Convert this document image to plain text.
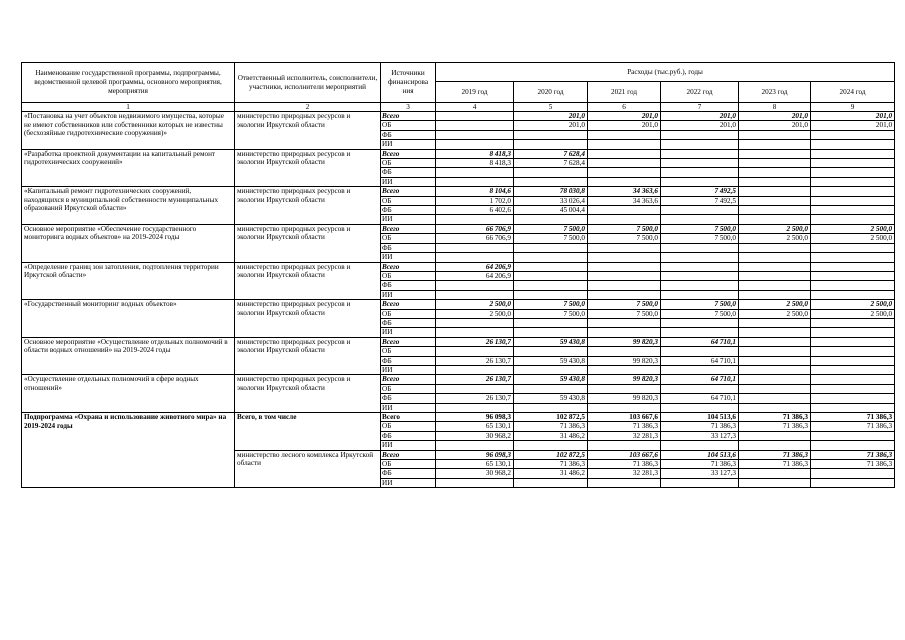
Наименование государственной программы, подпрограммы, ведомственной целевой программы, основного мероприятия, мероприятия	Ответственный исполнитель, соисполнители, участники, исполнители мероприятий	Источники финансирова ния	Расходы (тыс.руб.), годы					
			2019 год	2020 год	2021 год	2022 год	2023 год	2024 год
1	2	3	4	5	6	7	8	9
«Постановка на учет объектов недвижимого имущества, которые не имеют собственников или собственники которых не известны (бесхозяйные гидротехнические сооружения)»	министерство природных ресурсов и экологии Иркутской области	Всего		201,0	201,0	201,0	201,0	201,0
		ОБ		201,0	201,0	201,0	201,0	201,0
		ФБ						
		ИИ						
«Разработка проектной документации на капитальный ремонт гидротехнических сооружений»	министерство природных ресурсов и экологии Иркутской области	Всего	8 418,3	7 628,4				
		ОБ	8 418,3	7 628,4				
		ФБ						
		ИИ						
«Капитальный ремонт гидротехнических сооружений, находящихся в муниципальной собственности муниципальных образований Иркутской области»	министерство природных ресурсов и экологии Иркутской области	Всего	8 104,6	78 030,8	34 363,6	7 492,5		
		ОБ	1 702,0	33 026,4	34 363,6	7 492,5		
		ФБ	6 402,6	45 004,4				
		ИИ						
Основное мероприятие «Обеспечение государственного мониторинга водных объектов» на 2019-2024 годы	министерство природных ресурсов и экологии Иркутской области	Всего	66 706,9	7 500,0	7 500,0	7 500,0	2 500,0	2 500,0
		ОБ	66 706,9	7 500,0	7 500,0	7 500,0	2 500,0	2 500,0
		ФБ						
		ИИ						
«Определение границ зон затопления, подтопления территории Иркутской области»	министерство природных ресурсов и экологии Иркутской области	Всего	64 206,9					
		ОБ	64 206,9					
		ФБ						
		ИИ						
«Государственный мониторинг водных объектов»	министерство природных ресурсов и экологии Иркутской области	Всего	2 500,0	7 500,0	7 500,0	7 500,0	2 500,0	2 500,0
		ОБ	2 500,0	7 500,0	7 500,0	7 500,0	2 500,0	2 500,0
		ФБ						
		ИИ						
Основное мероприятие «Осуществление отдельных полномочий в области водных отношений» на 2019-2024 годы	министерство природных ресурсов и экологии Иркутской области	Всего	26 130,7	59 430,8	99 820,3	64 710,1		
		ОБ						
		ФБ	26 130,7	59 430,8	99 820,3	64 710,1		
		ИИ						
«Осуществление отдельных полномочий в сфере водных отношений»	министерство природных ресурсов и экологии Иркутской области	Всего	26 130,7	59 430,8	99 820,3	64 710,1		
		ОБ						
		ФБ	26 130,7	59 430,8	99 820,3	64 710,1		
		ИИ						
Подпрограмма «Охрана и использование животного мира» на 2019-2024 годы	Всего, в том числе	Всего	96 098,3	102 872,5	103 667,6	104 513,6	71 386,3	71 386,3
		ОБ	65 130,1	71 386,3	71 386,3	71 386,3	71 386,3	71 386,3
		ФБ	30 968,2	31 486,2	32 281,3	33 127,3		
		ИИ						
	министерство лесного комплекса Иркутской области	Всего	96 098,3	102 872,5	103 667,6	104 513,6	71 386,3	71 386,3
		ОБ	65 130,1	71 386,3	71 386,3	71 386,3	71 386,3	71 386,3
		ФБ	30 968,2	31 486,2	32 281,3	33 127,3		
		ИИ						
